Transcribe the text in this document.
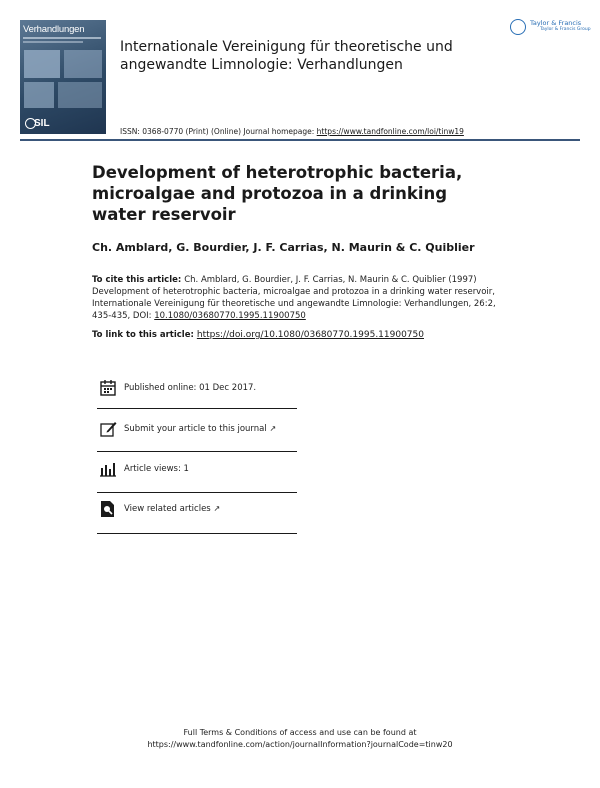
Verhandlungen
SIL
Internationale Vereinigung für theoretische und angewandte Limnologie: Verhandlungen
Taylor & Francis
Taylor & Francis Group
ISSN: 0368-0770 (Print) (Online) Journal homepage: https://www.tandfonline.com/loi/tinw19
Development of heterotrophic bacteria, microalgae and protozoa in a drinking water reservoir
Ch. Amblard, G. Bourdier, J. F. Carrias, N. Maurin & C. Quiblier
To cite this article: Ch. Amblard, G. Bourdier, J. F. Carrias, N. Maurin & C. Quiblier (1997) Development of heterotrophic bacteria, microalgae and protozoa in a drinking water reservoir, Internationale Vereinigung für theoretische und angewandte Limnologie: Verhandlungen, 26:2, 435-435, DOI: 10.1080/03680770.1995.11900750
To link to this article: https://doi.org/10.1080/03680770.1995.11900750
Published online: 01 Dec 2017.
Submit your article to this journal ↗
Article views: 1
View related articles ↗
Full Terms & Conditions of access and use can be found at
https://www.tandfonline.com/action/journalInformation?journalCode=tinw20
